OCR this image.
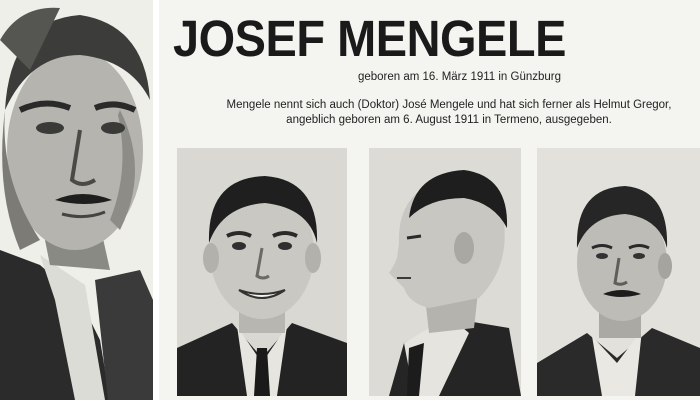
JOSEF MENGELE
geboren am 16. März 1911 in Günzburg
Mengele nennt sich auch (Doktor) José Mengele und hat sich ferner als Helmut Gregor,
angeblich geboren am 6. August 1911 in Termeno, ausgegeben.
